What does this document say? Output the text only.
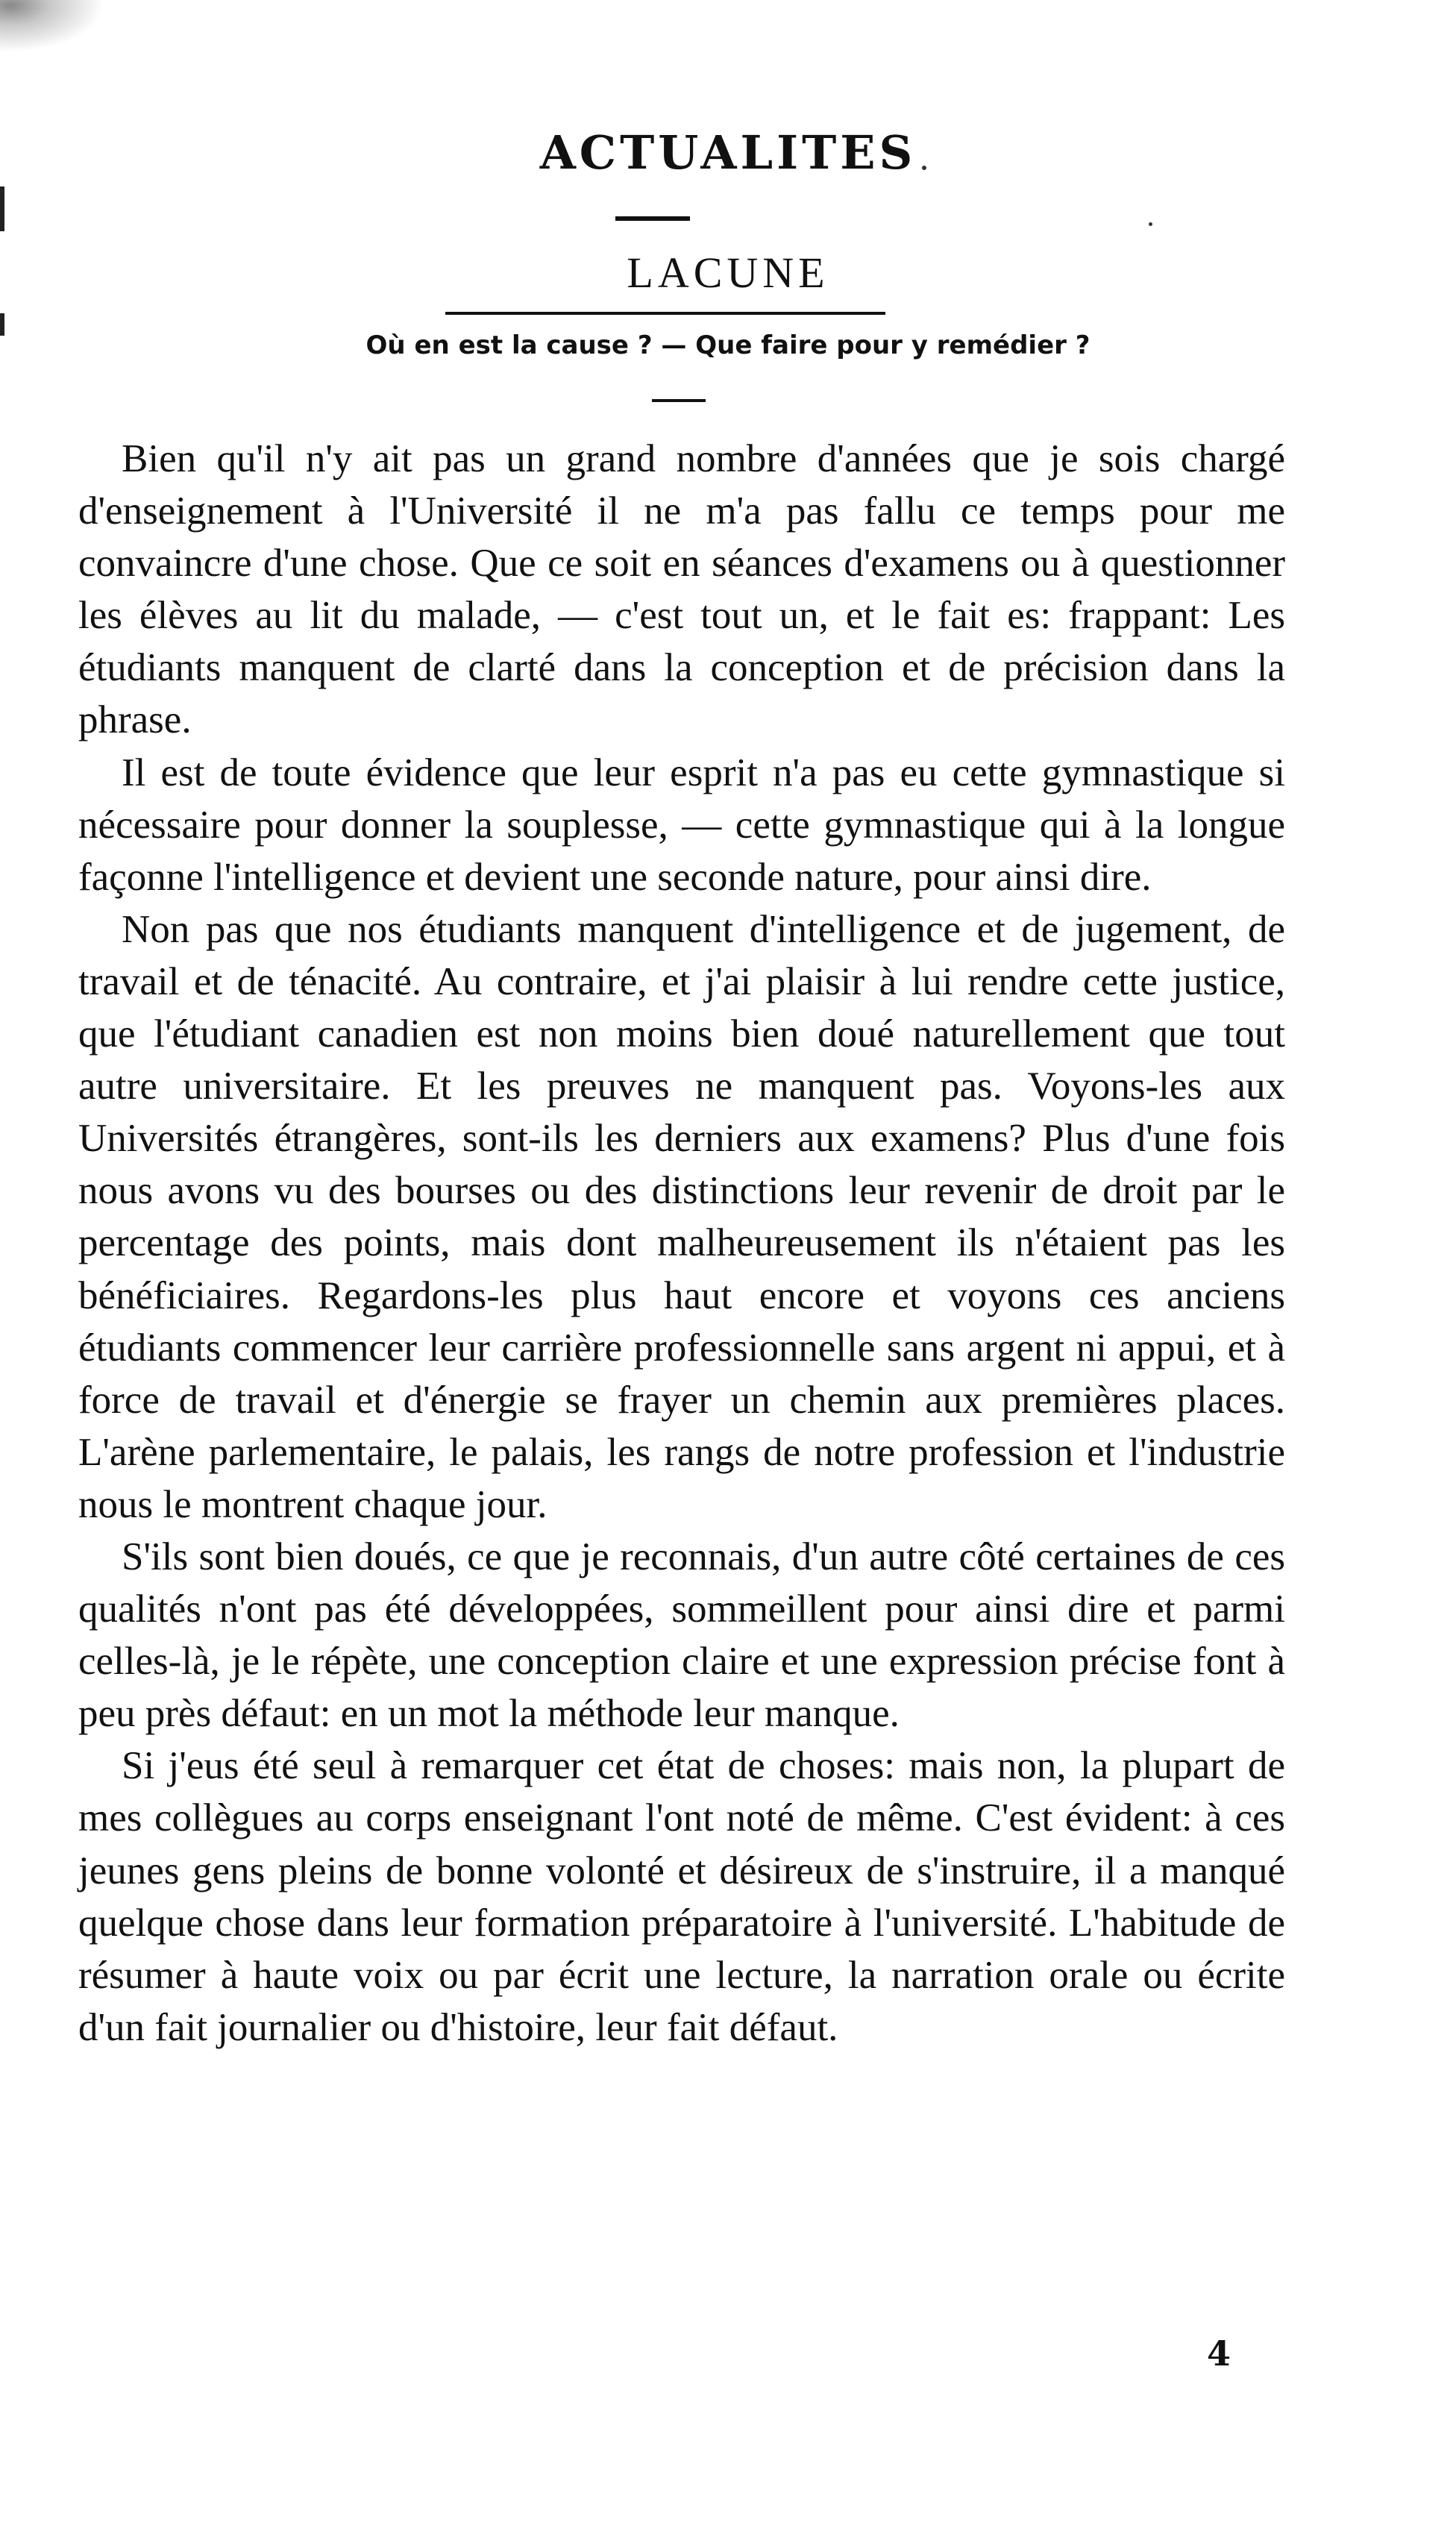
ACTUALITES
LACUNE
Où en est la cause ? — Que faire pour y remédier ?

Bien qu'il n'y ait pas un grand nombre d'années que je sois chargé d'enseignement à l'Université il ne m'a pas fallu ce temps pour me convaincre d'une chose. Que ce soit en séances d'examens ou à questionner les élèves au lit du malade, — c'est tout un, et le fait es: frappant: Les étudiants manquent de clarté dans la conception et de précision dans la phrase.

Il est de toute évidence que leur esprit n'a pas eu cette gymnastique si nécessaire pour donner la souplesse, — cette gymnastique qui à la longue façonne l'intelligence et devient une seconde nature, pour ainsi dire.

Non pas que nos étudiants manquent d'intelligence et de jugement, de travail et de ténacité. Au contraire, et j'ai plaisir à lui rendre cette justice, que l'étudiant canadien est non moins bien doué naturellement que tout autre universitaire. Et les preuves ne manquent pas. Voyons-les aux Universités étrangères, sont-ils les derniers aux examens? Plus d'une fois nous avons vu des bourses ou des distinctions leur revenir de droit par le percentage des points, mais dont malheureusement ils n'étaient pas les bénéficiaires. Regardons-les plus haut encore et voyons ces anciens étudiants commencer leur carrière professionnelle sans argent ni appui, et à force de travail et d'énergie se frayer un chemin aux premières places. L'arène parlementaire, le palais, les rangs de notre profession et l'industrie nous le montrent chaque jour.

S'ils sont bien doués, ce que je reconnais, d'un autre côté certaines de ces qualités n'ont pas été développées, sommeillent pour ainsi dire et parmi celles-là, je le répète, une conception claire et une expression précise font à peu près défaut: en un mot la méthode leur manque.

Si j'eus été seul à remarquer cet état de choses: mais non, la plupart de mes collègues au corps enseignant l'ont noté de même. C'est évident: à ces jeunes gens pleins de bonne volonté et désireux de s'instruire, il a manqué quelque chose dans leur formation préparatoire à l'université. L'habitude de résumer à haute voix ou par écrit une lecture, la narration orale ou écrite d'un fait journalier ou d'histoire, leur fait défaut.

4
